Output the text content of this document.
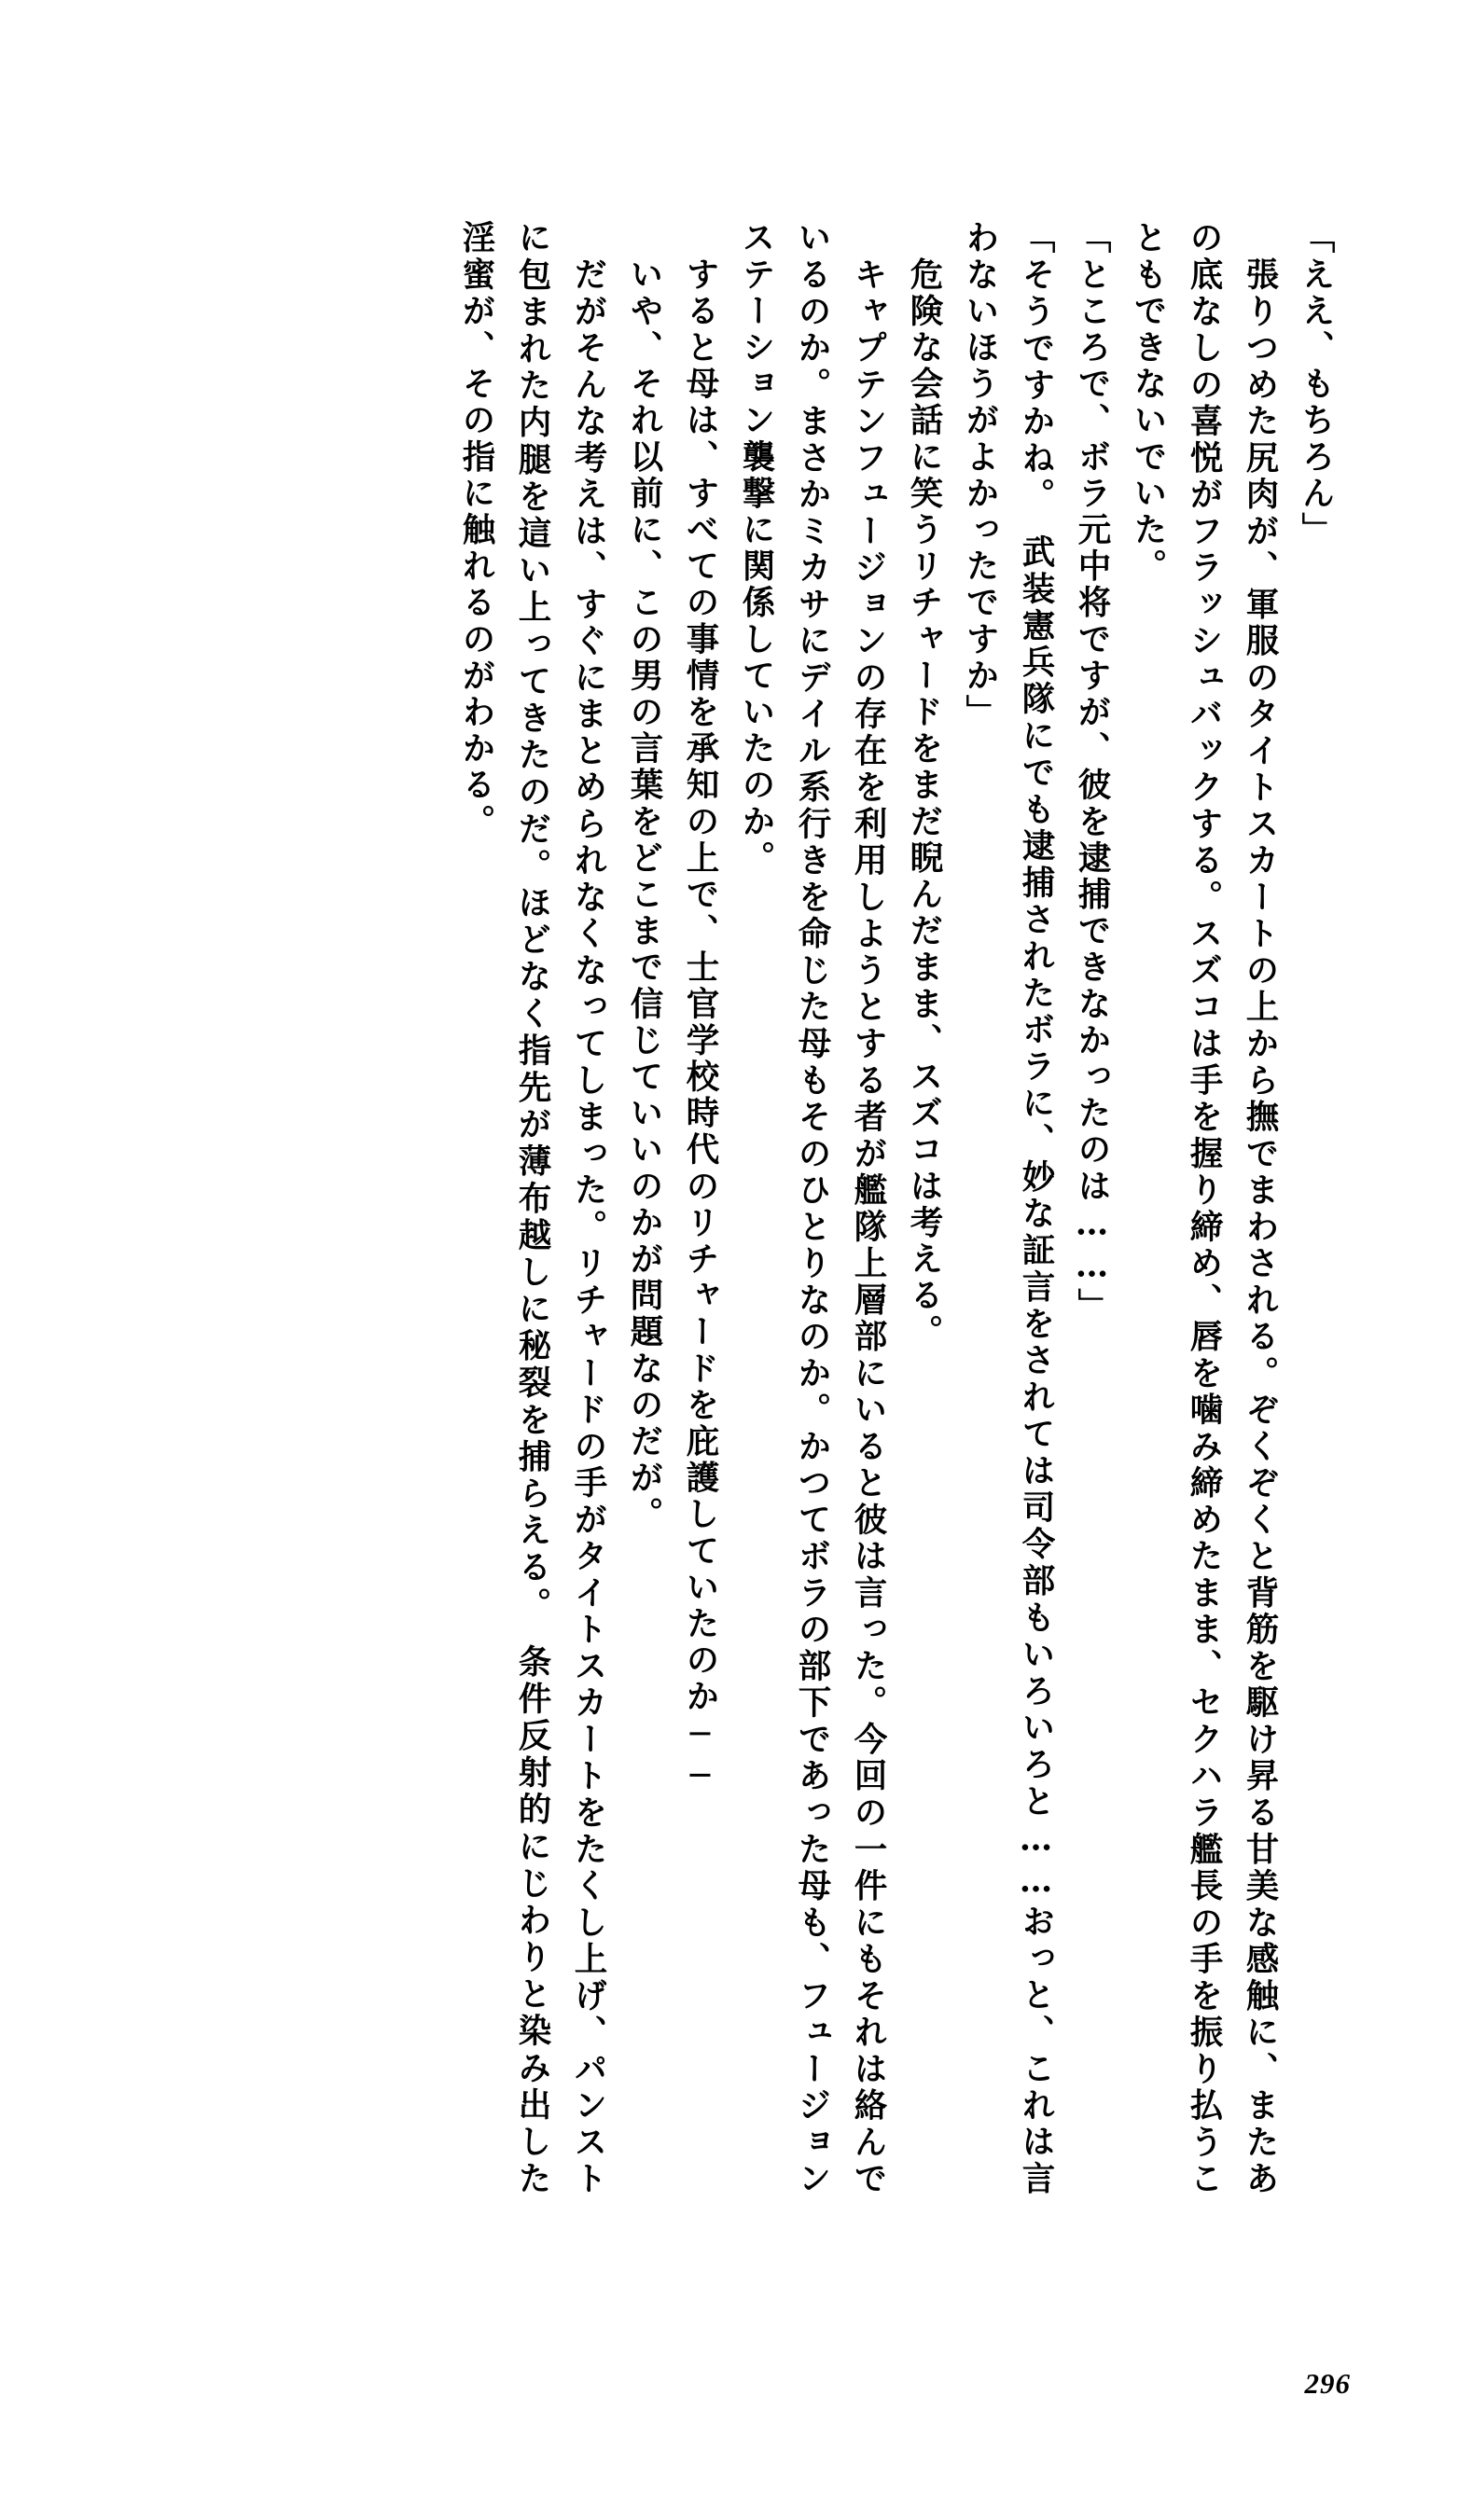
「ええ、もちろん」

　張りつめた尻肉が、軍服のタイトスカートの上から撫でまわされる。ぞくぞくと背筋を駆け昇る甘美な感触に、またあの底なしの喜悦がフラッシュバックする。スズコは手を握り締め、唇を噛み締めたまま、セクハラ艦長の手を振り払うこともできないでいた。

「ところで、ボラ元中将ですが、彼を逮捕できなかったのは……」

「そうですかね。　武装憲兵隊にでも逮捕されたボラに、妙な証言をされては司令部もいろいろと……おっと、これは言わないほうがよかったですか」

　危険な会話に笑うリチャードをまだ睨んだまま、スズコは考える。

　キャプテンフュージョンの存在を利用しようとする者が艦隊上層部にいると彼は言った。今回の一件にもそれは絡んでいるのか。まさかミカサにデイル系行きを命じた母もそのひとりなのか。かつてボラの部下であった母も、フュージョンステーション襲撃に関係していたのか。

　すると母は、すべての事情を承知の上で、士官学校時代のリチャードを庇護していたのか──

　いや、それ以前に、この男の言葉をどこまで信じていいのかが問題なのだが。

　だがそんな考えは、すぐにまとめられなくなってしまった。リチャードの手がタイトスカートをたくし上げ、パンストに包まれた内腿を這い上ってきたのだ。ほどなく指先が薄布越しに秘裂を捕らえる。　条件反射的にじわりと染み出した淫蜜が、その指に触れるのがわかる。

296
